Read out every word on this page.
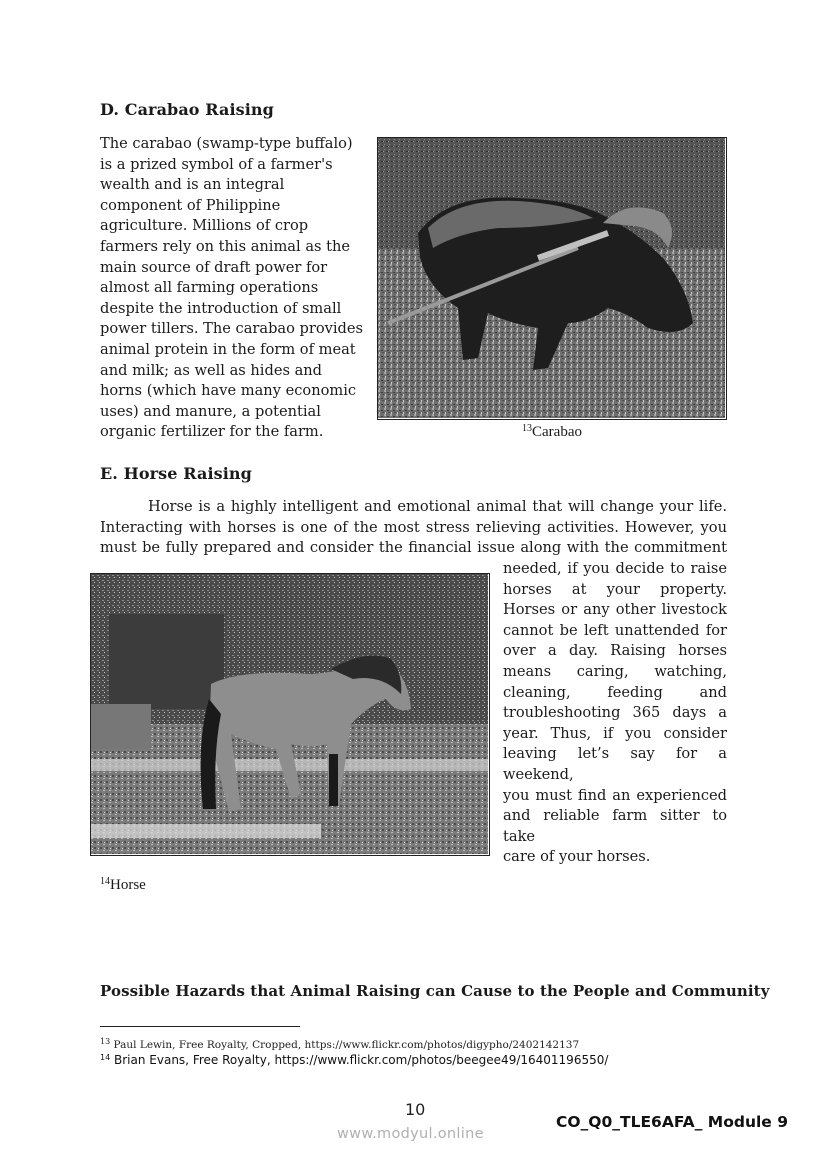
D. Carabao Raising
The carabao (swamp-type buffalo)
is a prized symbol of a farmer's
wealth and is an integral
component of Philippine
agriculture. Millions of crop
farmers rely on this animal as the
main source of draft power for
almost all farming operations
despite the introduction of small
power tillers. The carabao provides
animal protein in the form of meat
and milk; as well as hides and
horns (which have many economic
uses) and manure, a potential
organic fertilizer for the farm.	$^{13}$Carabao
E. Horse Raising
Horse is a highly intelligent and emotional animal that will change your life.
Interacting with horses is one of the most stress relieving activities. However, you
must be fully prepared and consider the financial issue along with the commitment
needed, if you decide to raise
horses at your property.
Horses or any other livestock
cannot be left unattended for
over a day. Raising horses
means caring, watching,
cleaning, feeding and
troubleshooting 365 days a
year. Thus, if you consider
leaving let’s say for a weekend,
you must find an experienced
and reliable farm sitter to take
care of your horses.
$^{14}$Horse
Possible Hazards that Animal Raising can Cause to the People and Community
$^{13}$ Paul Lewin, Free Royalty, Cropped, https://www.flickr.com/photos/digypho/2402142137
$^{14}$ Brian Evans, Free Royalty, https://www.flickr.com/photos/beegee49/16401196550/
10
www.modyul.online
CO_Q0_TLE6AFA_ Module 9
